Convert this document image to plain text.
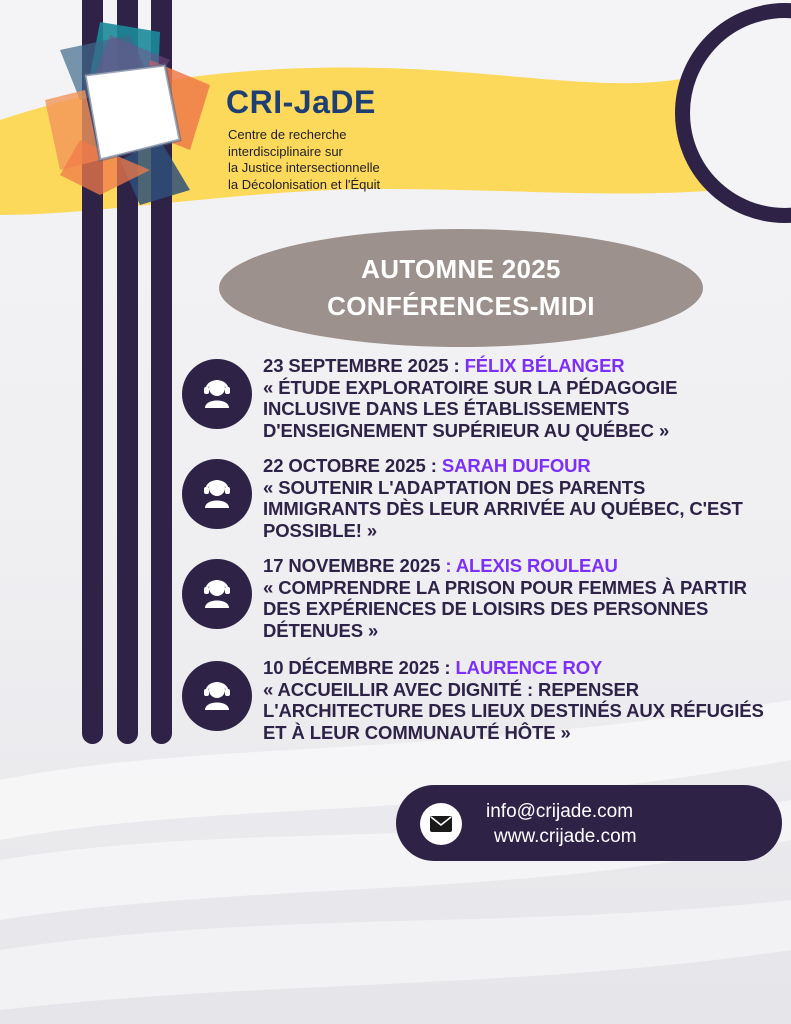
CRI-JaDE
Centre de recherche
interdisciplinaire sur
la Justice intersectionnelle
la Décolonisation et l'Équit
AUTOMNE 2025
CONFÉRENCES-MIDI
23 SEPTEMBRE 2025 : FÉLIX BÉLANGER
« ÉTUDE EXPLORATOIRE SUR LA PÉDAGOGIE
INCLUSIVE DANS LES ÉTABLISSEMENTS
D'ENSEIGNEMENT SUPÉRIEUR AU QUÉBEC »
22 OCTOBRE 2025 : SARAH DUFOUR
« SOUTENIR L'ADAPTATION DES PARENTS
IMMIGRANTS DÈS LEUR ARRIVÉE AU QUÉBEC, C'EST
POSSIBLE! »
17 NOVEMBRE 2025 : ALEXIS ROULEAU
« COMPRENDRE LA PRISON POUR FEMMES À PARTIR
DES EXPÉRIENCES DE LOISIRS DES PERSONNES
DÉTENUES »
10 DÉCEMBRE 2025 : LAURENCE ROY
« ACCUEILLIR AVEC DIGNITÉ : REPENSER
L'ARCHITECTURE DES LIEUX DESTINÉS AUX RÉFUGIÉS
ET À LEUR COMMUNAUTÉ HÔTE »
info@crijade.com
www.crijade.com
